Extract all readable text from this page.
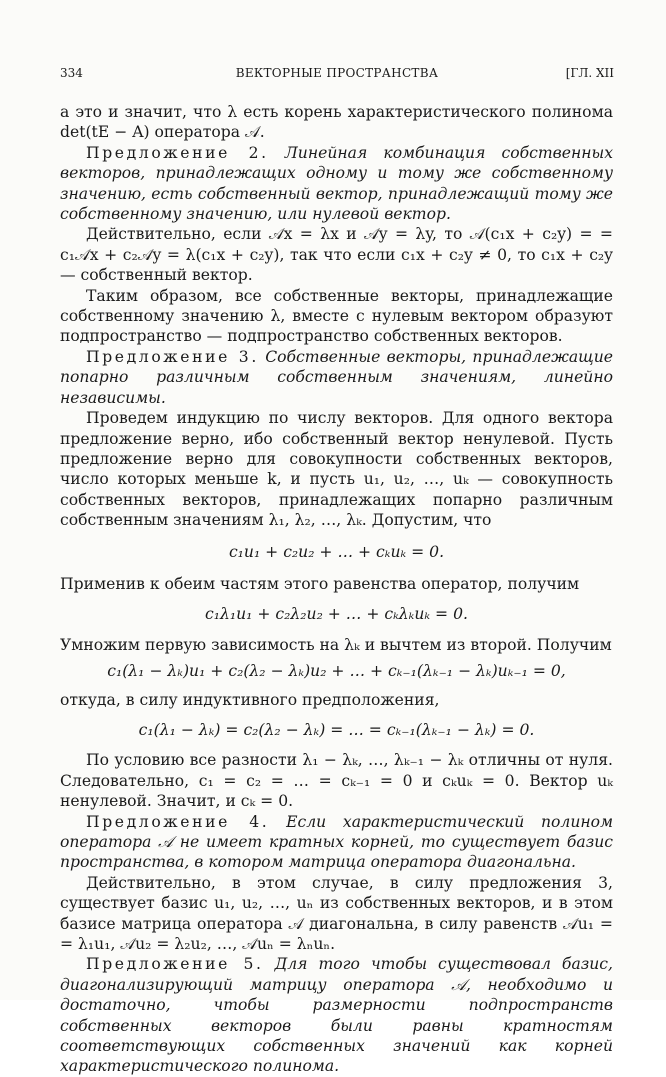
334	ВЕКТОРНЫЕ ПРОСТРАНСТВА	[ГЛ. XII

а это и значит, что λ есть корень характеристического полинома det(tE − A) оператора 𝒜.

Предложение 2. Линейная комбинация собственных векторов, принадлежащих одному и тому же собственному значению, есть собственный вектор, принадлежащий тому же собственному значению, или нулевой вектор.

Действительно, если 𝒜x = λx и 𝒜y = λy, то 𝒜(c₁x + c₂y) = = c₁𝒜x + c₂𝒜y = λ(c₁x + c₂y), так что если c₁x + c₂y ≠ 0, то c₁x + c₂y — собственный вектор.

Таким образом, все собственные векторы, принадлежащие собственному значению λ, вместе с нулевым вектором образуют подпространство — подпространство собственных векторов.

Предложение 3. Собственные векторы, принадлежащие попарно различным собственным значениям, линейно независимы.

Проведем индукцию по числу векторов. Для одного вектора предложение верно, ибо собственный вектор ненулевой. Пусть предложение верно для совокупности собственных векторов, число которых меньше k, и пусть u₁, u₂, …, uₖ — совокупность собственных векторов, принадлежащих попарно различным собственным значениям λ₁, λ₂, …, λₖ. Допустим, что

c₁u₁ + c₂u₂ + … + cₖuₖ = 0.

Применив к обеим частям этого равенства оператор, получим

c₁λ₁u₁ + c₂λ₂u₂ + … + cₖλₖuₖ = 0.

Умножим первую зависимость на λₖ и вычтем из второй. Получим

c₁(λ₁ − λₖ)u₁ + c₂(λ₂ − λₖ)u₂ + … + cₖ₋₁(λₖ₋₁ − λₖ)uₖ₋₁ = 0,

откуда, в силу индуктивного предположения,

c₁(λ₁ − λₖ) = c₂(λ₂ − λₖ) = … = cₖ₋₁(λₖ₋₁ − λₖ) = 0.

По условию все разности λ₁ − λₖ, …, λₖ₋₁ − λₖ отличны от нуля. Следовательно, c₁ = c₂ = … = cₖ₋₁ = 0 и cₖuₖ = 0. Вектор uₖ ненулевой. Значит, и cₖ = 0.

Предложение 4. Если характеристический полином оператора 𝒜 не имеет кратных корней, то существует базис пространства, в котором матрица оператора диагональна.

Действительно, в этом случае, в силу предложения 3, существует базис u₁, u₂, …, uₙ из собственных векторов, и в этом базисе матрица оператора 𝒜 диагональна, в силу равенств 𝒜u₁ = = λ₁u₁, 𝒜u₂ = λ₂u₂, …, 𝒜uₙ = λₙuₙ.

Предложение 5. Для того чтобы существовал базис, диагонализирующий матрицу оператора 𝒜, необходимо и достаточно, чтобы размерности подпространств собственных векторов были равны кратностям соответствующих собственных значений как корней характеристического полинома.
